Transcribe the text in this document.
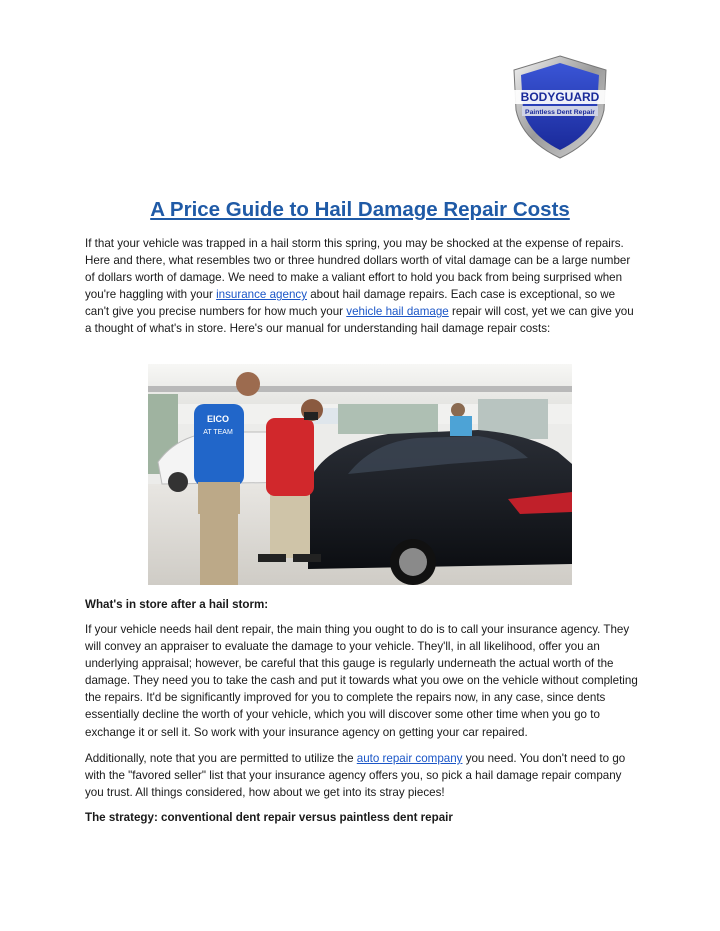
BODYGUARD
Paintless Dent Repair
A Price Guide to Hail Damage Repair Costs

If that your vehicle was trapped in a hail storm this spring, you may be shocked at the expense of repairs. Here and there, what resembles two or three hundred dollars worth of vital damage can be a large number of dollars worth of damage. We need to make a valiant effort to hold you back from being surprised when you're haggling with your insurance agency about hail damage repairs. Each case is exceptional, so we can't give you precise numbers for how much your vehicle hail damage repair will cost, yet we can give you a thought of what's in store. Here's our manual for understanding hail damage repair costs:

EICO
AT TEAM

What's in store after a hail storm:

If your vehicle needs hail dent repair, the main thing you ought to do is to call your insurance agency. They will convey an appraiser to evaluate the damage to your vehicle. They'll, in all likelihood, offer you an underlying appraisal; however, be careful that this gauge is regularly underneath the actual worth of the damage. They need you to take the cash and put it towards what you owe on the vehicle without completing the repairs. It'd be significantly improved for you to complete the repairs now, in any case, since dents essentially decline the worth of your vehicle, which you will discover some other time when you go to exchange it or sell it. So work with your insurance agency on getting your car repaired.

Additionally, note that you are permitted to utilize the auto repair company you need. You don't need to go with the "favored seller" list that your insurance agency offers you, so pick a hail damage repair company you trust. All things considered, how about we get into its stray pieces!

The strategy: conventional dent repair versus paintless dent repair
